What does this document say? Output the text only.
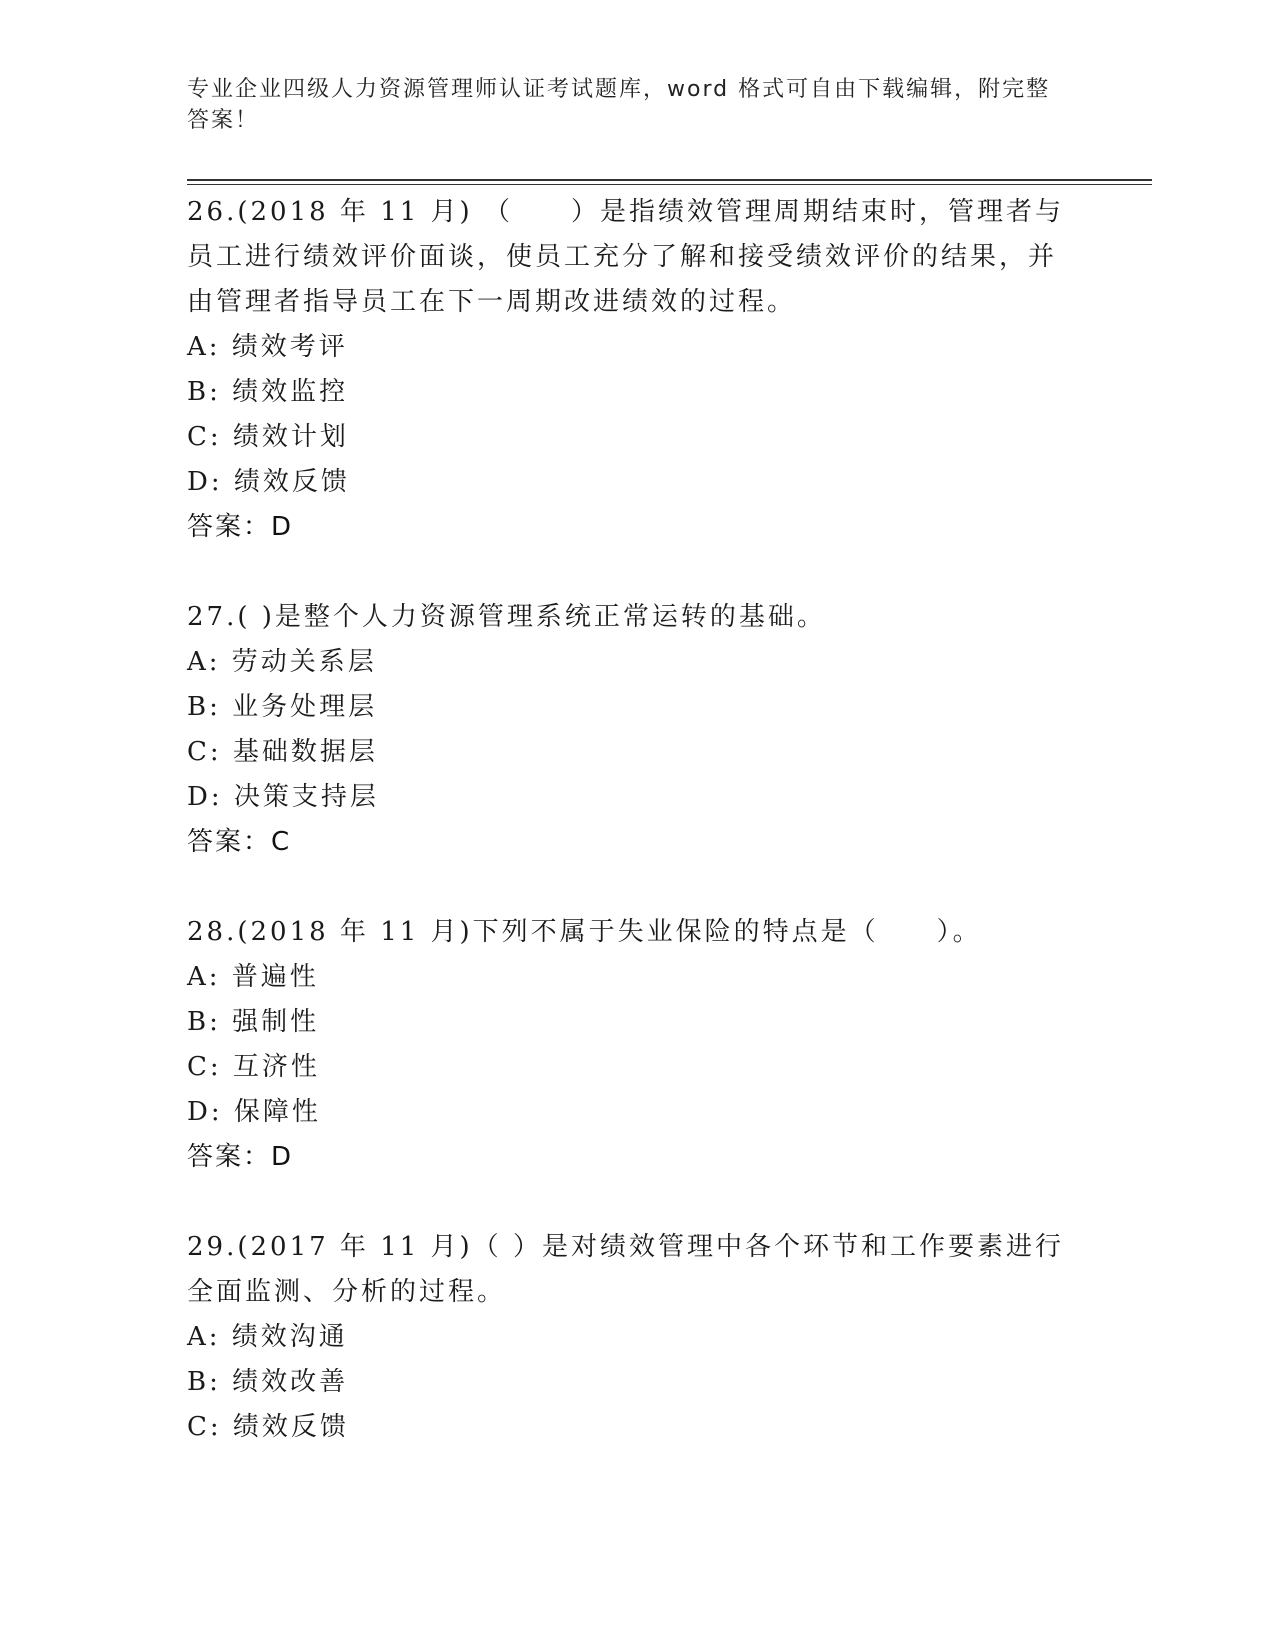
专业企业四级人力资源管理师认证考试题库，word 格式可自由下载编辑，附完整答案！

26.(2018 年 11 月) （　　）是指绩效管理周期结束时，管理者与员工进行绩效评价面谈，使员工充分了解和接受绩效评价的结果，并由管理者指导员工在下一周期改进绩效的过程。

A: 绩效考评

B: 绩效监控

C: 绩效计划

D: 绩效反馈

答案：D

27.( )是整个人力资源管理系统正常运转的基础。

A: 劳动关系层

B: 业务处理层

C: 基础数据层

D: 决策支持层

答案：C

28.(2018 年 11 月)下列不属于失业保险的特点是（　　）。

A: 普遍性

B: 强制性

C: 互济性

D: 保障性

答案：D

29.(2017 年 11 月)（ ）是对绩效管理中各个环节和工作要素进行全面监测、分析的过程。

A: 绩效沟通

B: 绩效改善

C: 绩效反馈
